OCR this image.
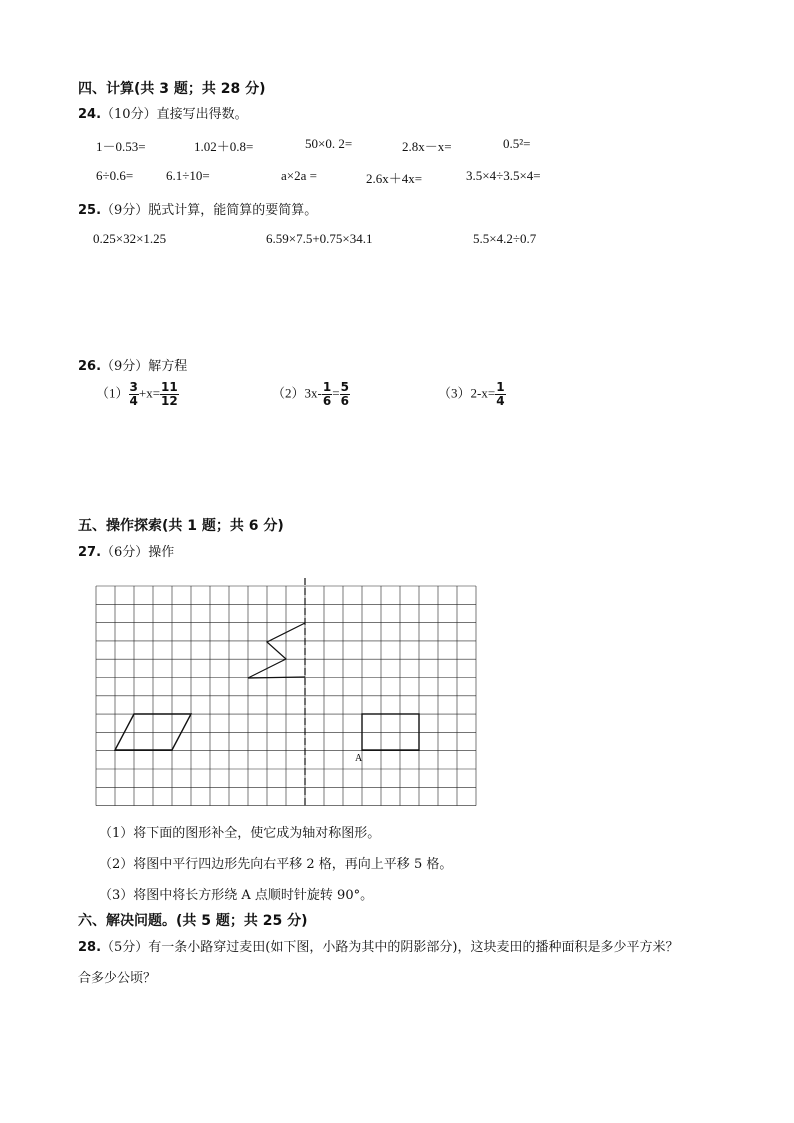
四、计算(共 3 题；共 28 分)
24.（10分）直接写出得数。
1－0.53=	1.02＋0.8=	50×0. 2=	2.8x－x=	0.5²=
6÷0.6=	6.1÷10=	a×2a =	2.6x＋4x=	3.5×4÷3.5×4=
25.（9分）脱式计算，能简算的要简算。
0.25×32×1.25	6.59×7.5+0.75×34.1	5.5×4.2÷0.7
26.（9分）解方程
$(1) \frac{3}{4} +x= \frac{11}{12}$	$(2)3x- \frac{1}{6} = \frac{5}{6}$	$(3)2-x= \frac{1}{4}$
五、操作探索(共 1 题；共 6 分)
27.（6分）操作
A
（1）将下面的图形补全，使它成为轴对称图形。
（2）将图中平行四边形先向右平移 2 格，再向上平移 5 格。
（3）将图中将长方形绕 A 点顺时针旋转 90°。
六、解决问题。(共 5 题；共 25 分)
28.（5分）有一条小路穿过麦田(如下图，小路为其中的阴影部分)，这块麦田的播种面积是多少平方米？
合多少公顷？
